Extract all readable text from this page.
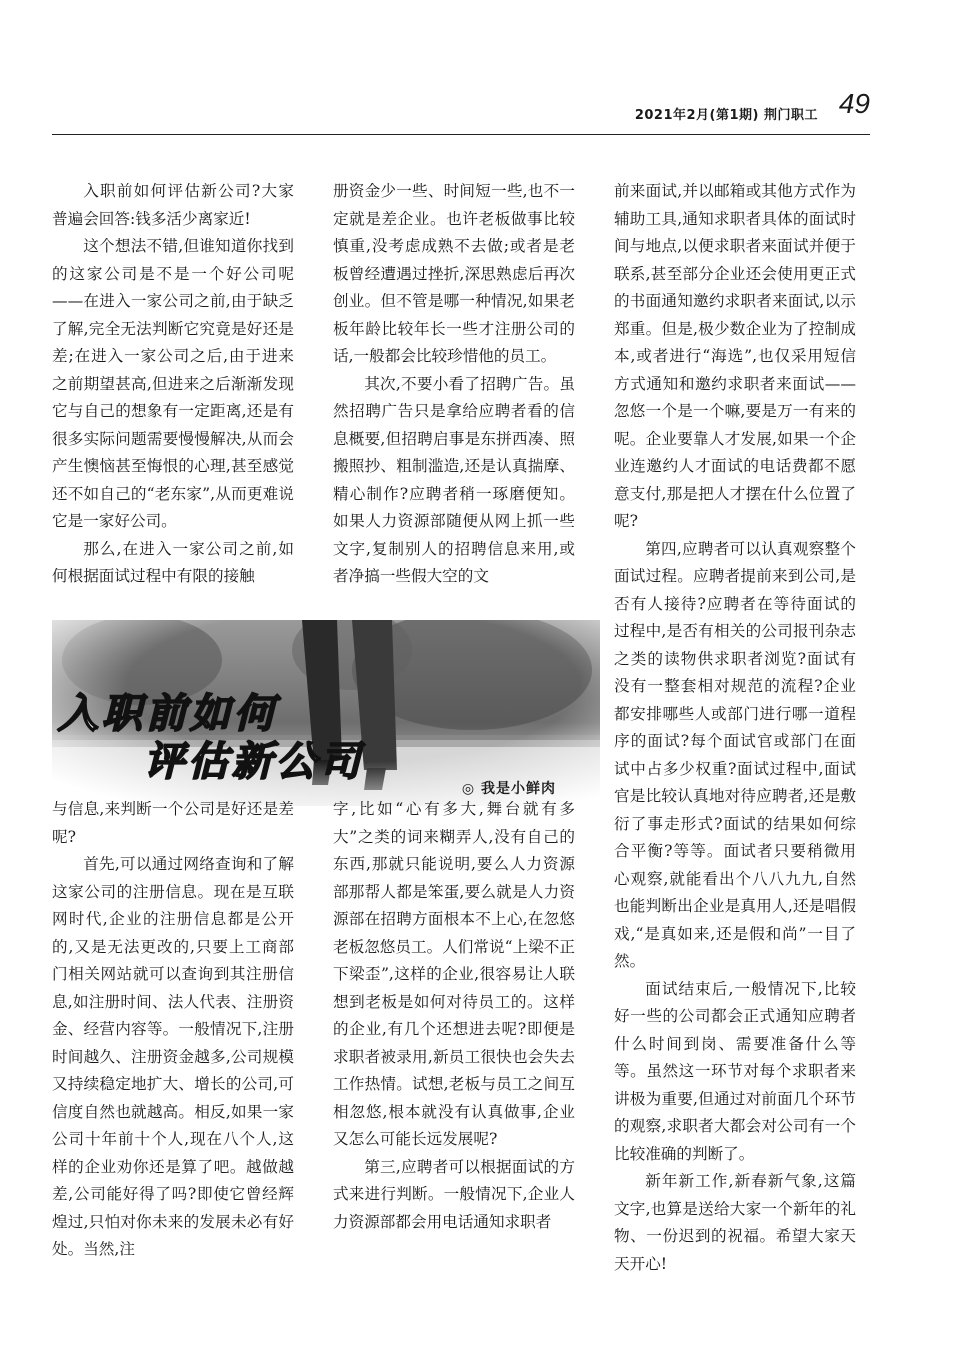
2021年2月(第1期) 荆门职工 49

入职前如何评估新公司?大家普遍会回答:钱多活少离家近!

这个想法不错,但谁知道你找到的这家公司是不是一个好公司呢——在进入一家公司之前,由于缺乏了解,完全无法判断它究竟是好还是差;在进入一家公司之后,由于进来之前期望甚高,但进来之后渐渐发现它与自己的想象有一定距离,还是有很多实际问题需要慢慢解决,从而会产生懊恼甚至悔恨的心理,甚至感觉还不如自己的“老东家”,从而更难说它是一家好公司。

那么,在进入一家公司之前,如何根据面试过程中有限的接触

册资金少一些、时间短一些,也不一定就是差企业。也许老板做事比较慎重,没考虑成熟不去做;或者是老板曾经遭遇过挫折,深思熟虑后再次创业。但不管是哪一种情况,如果老板年龄比较年长一些才注册公司的话,一般都会比较珍惜他的员工。

其次,不要小看了招聘广告。虽然招聘广告只是拿给应聘者看的信息概要,但招聘启事是东拼西凑、照搬照抄、粗制滥造,还是认真揣摩、精心制作?应聘者稍一琢磨便知。如果人力资源部随便从网上抓一些文字,复制别人的招聘信息来用,或者净搞一些假大空的文

前来面试,并以邮箱或其他方式作为辅助工具,通知求职者具体的面试时间与地点,以便求职者来面试并便于联系,甚至部分企业还会使用更正式的书面通知邀约求职者来面试,以示郑重。但是,极少数企业为了控制成本,或者进行“海选”,也仅采用短信方式通知和邀约求职者来面试——忽悠一个是一个嘛,要是万一有来的呢。企业要靠人才发展,如果一个企业连邀约人才面试的电话费都不愿意支付,那是把人才摆在什么位置了呢?

第四,应聘者可以认真观察整个面试过程。应聘者提前来到公司,是否有人接待?应聘者在等待面试的过程中,是否有相关的公司报刊杂志之类的读物供求职者浏览?面试有没有一整套相对规范的流程?企业都安排哪些人或部门进行哪一道程序的面试?每个面试官或部门在面试中占多少权重?面试过程中,面试官是比较认真地对待应聘者,还是敷衍了事走形式?面试的结果如何综合平衡?等等。面试者只要稍微用心观察,就能看出个八八九九,自然也能判断出企业是真用人,还是唱假戏,“是真如来,还是假和尚”一目了然。

面试结束后,一般情况下,比较好一些的公司都会正式通知应聘者什么时间到岗、需要准备什么等等。虽然这一环节对每个求职者来讲极为重要,但通过对前面几个环节的观察,求职者大都会对公司有一个比较准确的判断了。

新年新工作,新春新气象,这篇文字,也算是送给大家一个新年的礼物、一份迟到的祝福。希望大家天天开心!

入职前如何
评估新公司
◎ 我是小鲜肉

与信息,来判断一个公司是好还是差呢?

首先,可以通过网络查询和了解这家公司的注册信息。现在是互联网时代,企业的注册信息都是公开的,又是无法更改的,只要上工商部门相关网站就可以查询到其注册信息,如注册时间、法人代表、注册资金、经营内容等。一般情况下,注册时间越久、注册资金越多,公司规模又持续稳定地扩大、增长的公司,可信度自然也就越高。相反,如果一家公司十年前十个人,现在八个人,这样的企业劝你还是算了吧。越做越差,公司能好得了吗?即使它曾经辉煌过,只怕对你未来的发展未必有好处。当然,注

字,比如“心有多大,舞台就有多大”之类的词来糊弄人,没有自己的东西,那就只能说明,要么人力资源部那帮人都是笨蛋,要么就是人力资源部在招聘方面根本不上心,在忽悠老板忽悠员工。人们常说“上梁不正下梁歪”,这样的企业,很容易让人联想到老板是如何对待员工的。这样的企业,有几个还想进去呢?即便是求职者被录用,新员工很快也会失去工作热情。试想,老板与员工之间互相忽悠,根本就没有认真做事,企业又怎么可能长远发展呢?

第三,应聘者可以根据面试的方式来进行判断。一般情况下,企业人力资源部都会用电话通知求职者
